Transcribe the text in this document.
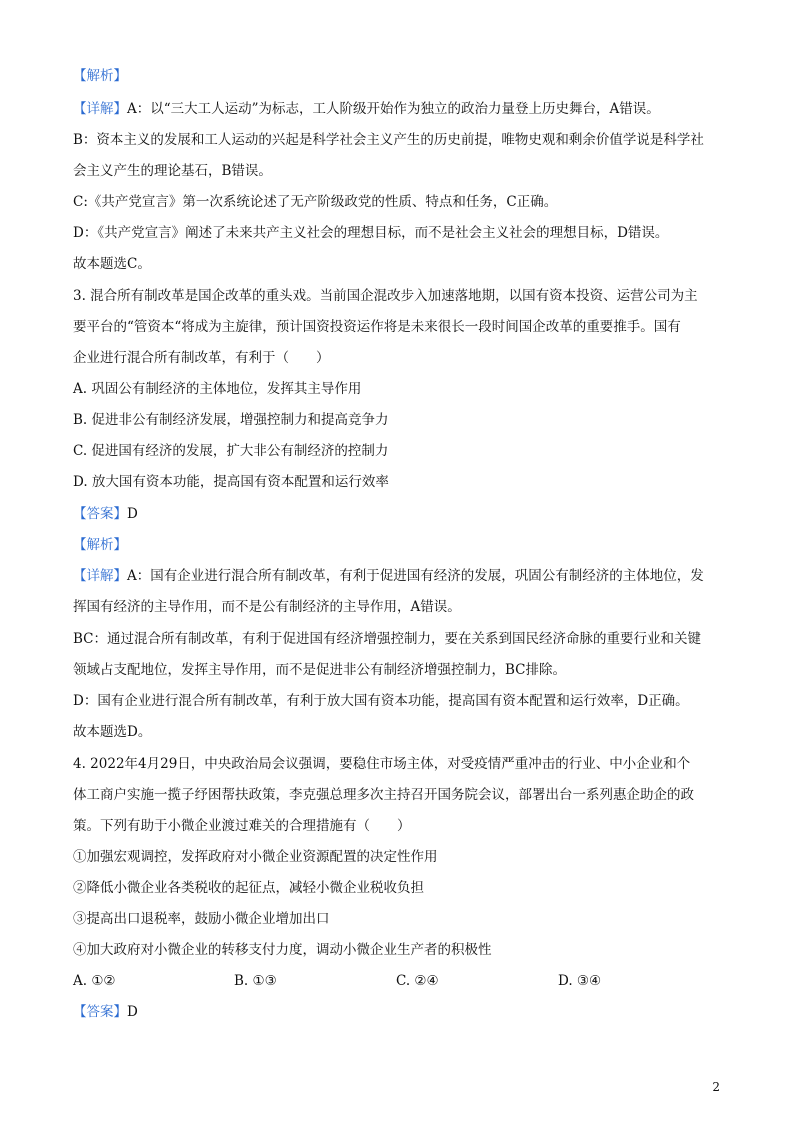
【解析】
【详解】A：以“三大工人运动”为标志，工人阶级开始作为独立的政治力量登上历史舞台，A错误。
B：资本主义的发展和工人运动的兴起是科学社会主义产生的历史前提，唯物史观和剩余价值学说是科学社
会主义产生的理论基石，B错误。
C:《共产党宣言》第一次系统论述了无产阶级政党的性质、特点和任务，C正确。
D：《共产党宣言》阐述了未来共产主义社会的理想目标，而不是社会主义社会的理想目标，D错误。
故本题选C。
3. 混合所有制改革是国企改革的重头戏。当前国企混改步入加速落地期，以国有资本投资、运营公司为主
要平台的“管资本“将成为主旋律，预计国资投资运作将是未来很长一段时间国企改革的重要推手。国有
企业进行混合所有制改革，有利于（　　）
A. 巩固公有制经济的主体地位，发挥其主导作用
B. 促进非公有制经济发展，增强控制力和提高竞争力
C. 促进国有经济的发展，扩大非公有制经济的控制力
D. 放大国有资本功能，提高国有资本配置和运行效率
【答案】D
【解析】
【详解】A：国有企业进行混合所有制改革，有利于促进国有经济的发展，巩固公有制经济的主体地位，发
挥国有经济的主导作用，而不是公有制经济的主导作用，A错误。
BC：通过混合所有制改革，有利于促进国有经济增强控制力，要在关系到国民经济命脉的重要行业和关键
领域占支配地位，发挥主导作用，而不是促进非公有制经济增强控制力，BC排除。
D：国有企业进行混合所有制改革，有利于放大国有资本功能，提高国有资本配置和运行效率，D正确。
故本题选D。
4. 2022年4月29日，中央政治局会议强调，要稳住市场主体，对受疫情严重冲击的行业、中小企业和个
体工商户实施一揽子纾困帮扶政策，李克强总理多次主持召开国务院会议，部署出台一系列惠企助企的政
策。下列有助于小微企业渡过难关的合理措施有（　　）
①加强宏观调控，发挥政府对小微企业资源配置的决定性作用
②降低小微企业各类税收的起征点，减轻小微企业税收负担
③提高出口退税率，鼓励小微企业增加出口
④加大政府对小微企业的转移支付力度，调动小微企业生产者的积极性
A. ①②	B. ①③	C. ②④	D. ③④
【答案】D
2
